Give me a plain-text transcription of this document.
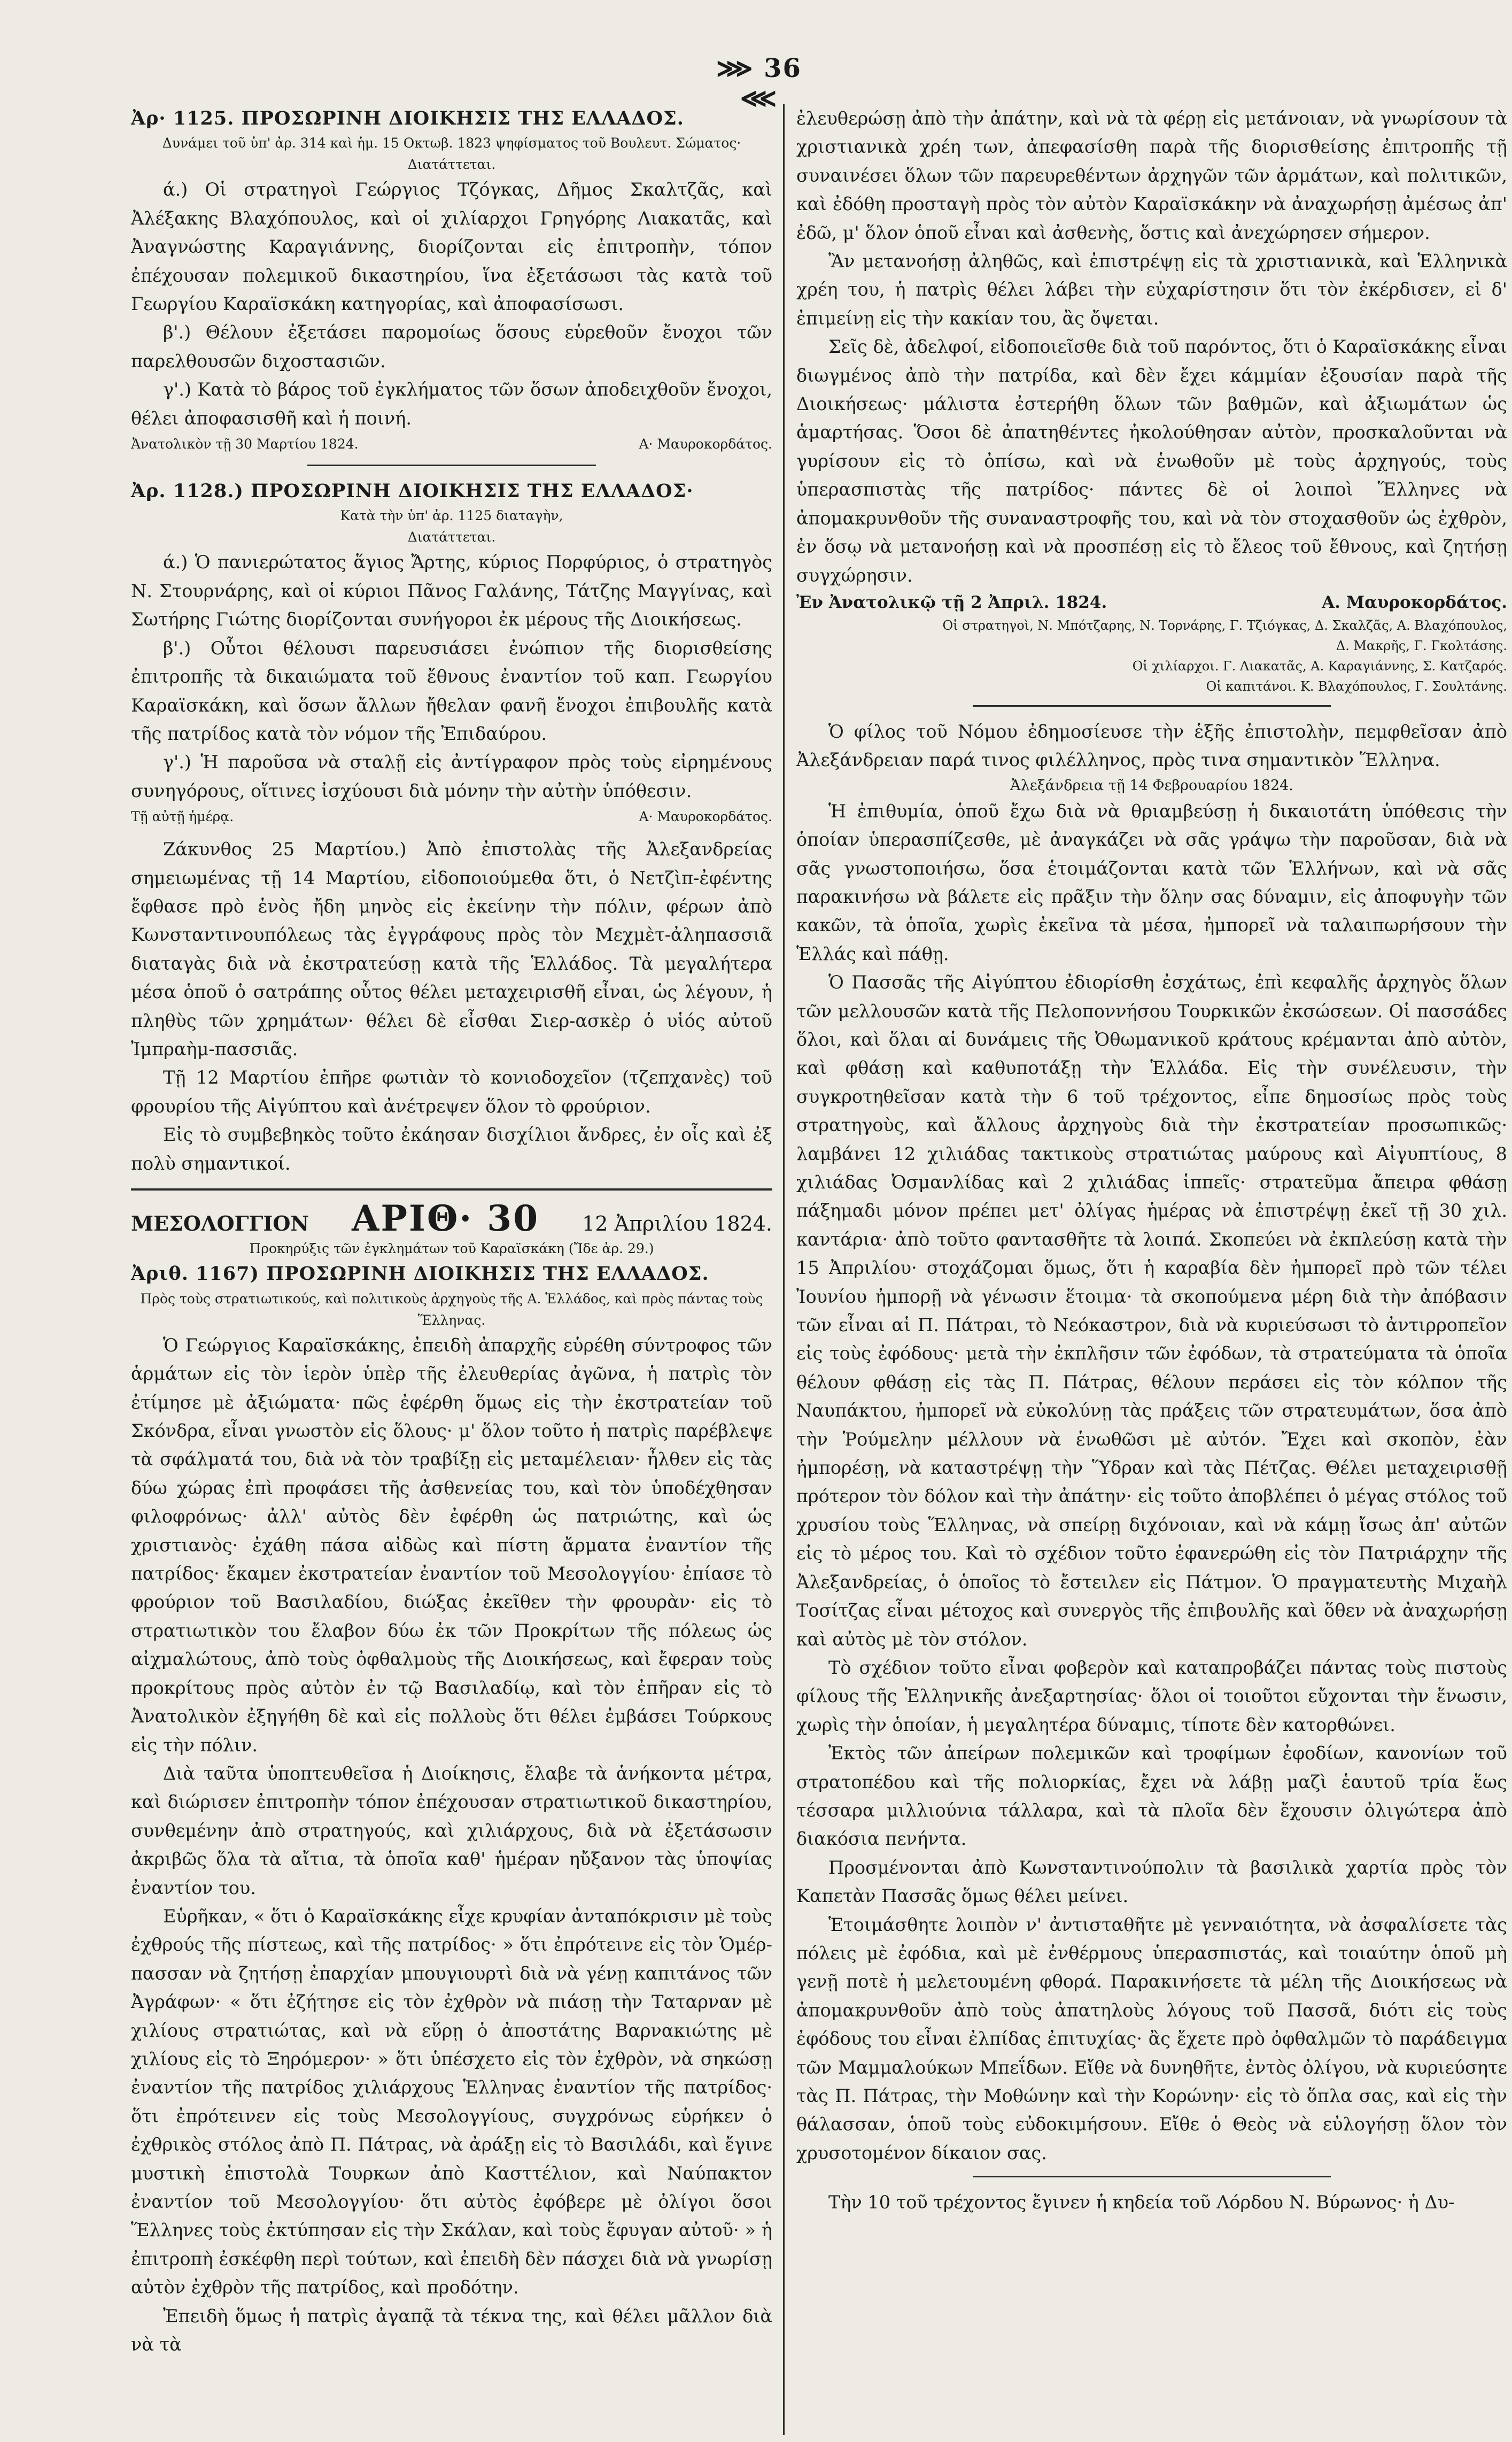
⋙ 36 ⋘
Ἀρ· 1125. ΠΡΟΣΩΡΙΝΗ ΔΙΟΙΚΗΣΙΣ ΤΗΣ ΕΛΛΑΔΟΣ.
Δυνάμει τοῦ ὑπ' ἀρ. 314 καὶ ἡμ. 15 Οκτωβ. 1823 ψηφίσματος τοῦ Βουλευτ. Σώματος·
Διατάττεται.

ά.) Οἱ στρατηγοὶ Γεώργιος Τζόγκας, Δῆμος Σκαλτζᾶς, καὶ Ἀλέξακης Βλαχόπουλος, καὶ οἱ χιλίαρχοι Γρηγόρης Λιακατᾶς, καὶ Ἀναγνώστης Καραγιάννης, διορίζονται εἰς ἐπιτροπὴν, τόπον ἐπέχουσαν πολεμικοῦ δικαστηρίου, ἵνα ἐξετάσωσι τὰς κατὰ τοῦ Γεωργίου Καραϊσκάκη κατηγορίας, καὶ ἀποφασίσωσι.

β'.) Θέλουν ἐξετάσει παρομοίως ὅσους εὑρεθοῦν ἔνοχοι τῶν παρελθουσῶν διχοστασιῶν.

γ'.) Κατὰ τὸ βάρος τοῦ ἐγκλήματος τῶν ὅσων ἀποδειχθοῦν ἔνοχοι, θέλει ἀποφασισθῆ καὶ ἡ ποινή.

Ἀνατολικὸν τῇ 30 Μαρτίου 1824.	Α· Μαυροκορδάτος.
Ἀρ. 1128.) ΠΡΟΣΩΡΙΝΗ ΔΙΟΙΚΗΣΙΣ ΤΗΣ ΕΛΛΑΔΟΣ·
Κατὰ τὴν ὑπ' ἀρ. 1125 διαταγὴν,
Διατάττεται.

ά.) Ὁ πανιερώτατος ἅγιος Ἄρτης, κύριος Πορφύριος, ὁ στρατηγὸς Ν. Στουρνάρης, καὶ οἱ κύριοι Πᾶνος Γαλάνης, Τάτζης Μαγγίνας, καὶ Σωτήρης Γιώτης διορίζονται συνήγοροι ἐκ μέρους τῆς Διοικήσεως.

β'.) Οὗτοι θέλουσι παρευσιάσει ἐνώπιον τῆς διορισθείσης ἐπιτροπῆς τὰ δικαιώματα τοῦ ἔθνους ἐναντίον τοῦ καπ. Γεωργίου Καραϊσκάκη, καὶ ὅσων ἄλλων ἤθελαν φανῆ ἔνοχοι ἐπιβουλῆς κατὰ τῆς πατρίδος κατὰ τὸν νόμον τῆς Ἐπιδαύρου.

γ'.) Ἡ παροῦσα νὰ σταλῇ εἰς ἀντίγραφον πρὸς τοὺς εἰρημένους συνηγόρους, οἵτινες ἰσχύουσι διὰ μόνην τὴν αὐτὴν ὑπόθεσιν.

Τῇ αὐτῇ ἡμέρᾳ.	Α· Μαυροκορδάτος.

Ζάκυνθος 25 Μαρτίου.) Ἀπὸ ἐπιστολὰς τῆς Ἀλεξανδρείας σημειωμένας τῇ 14 Μαρτίου, εἰδοποιούμεθα ὅτι, ὁ Νετζὶπ-ἐφέντης ἔφθασε πρὸ ἑνὸς ἤδη μηνὸς εἰς ἐκείνην τὴν πόλιν, φέρων ἀπὸ Κωνσταντινουπόλεως τὰς ἐγγράφους πρὸς τὸν Μεχμὲτ-ἀληπασσιᾶ διαταγὰς διὰ νὰ ἐκστρατεύσῃ κατὰ τῆς Ἑλλάδος. Τὰ μεγαλήτερα μέσα ὁποῦ ὁ σατράπης οὗτος θέλει μεταχειρισθῆ εἶναι, ὡς λέγουν, ἡ πληθὺς τῶν χρημάτων· θέλει δὲ εἶσθαι Σιερ-ασκὲρ ὁ υἱός αὐτοῦ Ἰμπραὴμ-πασσιᾶς.

Τῇ 12 Μαρτίου ἐπῆρε φωτιὰν τὸ κονιοδοχεῖον (τζεπχανὲς) τοῦ φρουρίου τῆς Αἰγύπτου καὶ ἀνέτρεψεν ὅλον τὸ φρούριον.

Εἰς τὸ συμβεβηκὸς τοῦτο ἐκάησαν δισχίλιοι ἄνδρες, ἐν οἷς καὶ ἐξ πολὺ σημαντικοί.

ΜΕΣΟΛΟΓΓΙΟΝ ΑΡΙΘ· 30 12 Ἀπριλίου 1824.
Προκηρύξις τῶν ἐγκλημάτων τοῦ Καραϊσκάκη (Ἴδε ἀρ. 29.)
Ἀριθ. 1167) ΠΡΟΣΩΡΙΝΗ ΔΙΟΙΚΗΣΙΣ ΤΗΣ ΕΛΛΑΔΟΣ.
Πρὸς τοὺς στρατιωτικούς, καὶ πολιτικοὺς ἀρχηγοὺς τῆς Α. Ἑλλάδος, καὶ πρὸς πάντας τοὺς Ἕλληνας.

Ὁ Γεώργιος Καραϊσκάκης, ἐπειδὴ ἀπαρχῆς εὑρέθη σύντροφος τῶν ἁρμάτων εἰς τὸν ἱερὸν ὑπὲρ τῆς ἐλευθερίας ἀγῶνα, ἡ πατρὶς τὸν ἐτίμησε μὲ ἀξιώματα· πῶς ἐφέρθη ὅμως εἰς τὴν ἐκστρατείαν τοῦ Σκόνδρα, εἶναι γνωστὸν εἰς ὅλους· μ' ὅλον τοῦτο ἡ πατρὶς παρέβλεψε τὰ σφάλματά του, διὰ νὰ τὸν τραβίξῃ εἰς μεταμέλειαν· ἦλθεν εἰς τὰς δύω χώρας ἐπὶ προφάσει τῆς ἀσθενείας του, καὶ τὸν ὑποδέχθησαν φιλοφρόνως· ἀλλ' αὐτὸς δὲν ἐφέρθη ὡς πατριώτης, καὶ ὡς χριστιανὸς· ἐχάθη πάσα αἰδὼς καὶ πίστη ἄρματα ἐναντίον τῆς πατρίδος· ἔκαμεν ἐκστρατείαν ἐναντίον τοῦ Μεσολογγίου· ἐπίασε τὸ φρούριον τοῦ Βασιλαδίου, διώξας ἐκεῖθεν τὴν φρουρὰν· εἰς τὸ στρατιωτικὸν του ἔλαβον δύω ἐκ τῶν Προκρίτων τῆς πόλεως ὡς αἰχμαλώτους, ἀπὸ τοὺς ὀφθαλμοὺς τῆς Διοικήσεως, καὶ ἔφεραν τοὺς προκρίτους πρὸς αὐτὸν ἐν τῷ Βασιλαδίῳ, καὶ τὸν ἐπῆραν εἰς τὸ Ἀνατολικὸν ἐξηγήθη δὲ καὶ εἰς πολλοὺς ὅτι θέλει ἐμβάσει Τούρκους εἰς τὴν πόλιν.

Διὰ ταῦτα ὑποπτευθεῖσα ἡ Διοίκησις, ἔλαβε τὰ ἁνήκοντα μέτρα, καὶ διώρισεν ἐπιτροπὴν τόπον ἐπέχουσαν στρατιωτικοῦ δικαστηρίου, συνθεμένην ἀπὸ στρατηγούς, καὶ χιλιάρχους, διὰ νὰ ἐξετάσωσιν ἀκριβῶς ὅλα τὰ αἴτια, τὰ ὁποῖα καθ' ἡμέραν ηὔξανον τὰς ὑποψίας ἐναντίον του.

Εὑρῆκαν, « ὅτι ὁ Καραϊσκάκης εἶχε κρυφίαν ἀνταπόκρισιν μὲ τοὺς ἐχθρούς τῆς πίστεως, καὶ τῆς πατρίδος· » ὅτι ἐπρότεινε εἰς τὸν Ὁμέρ-πασσαν νὰ ζητήσῃ ἐπαρχίαν μπουγιουρτὶ διὰ νὰ γένῃ καπιτάνος τῶν Ἀγράφων· « ὅτι ἐζήτησε εἰς τὸν ἐχθρὸν νὰ πιάσῃ τὴν Ταταρναν μὲ χιλίους στρατιώτας, καὶ νὰ εὕρῃ ὁ ἀποστάτης Βαρνακιώτης μὲ χιλίους εἰς τὸ Ξηρόμερον· » ὅτι ὑπέσχετο εἰς τὸν ἐχθρὸν, νὰ σηκώσῃ ἐναντίον τῆς πατρίδος χιλιάρχους Ἑλληνας ἐναντίον τῆς πατρίδος· ὅτι ἐπρότεινεν εἰς τοὺς Μεσολογγίους, συγχρόνως εὑρήκεν ὁ ἐχθρικὸς στόλος ἀπὸ Π. Πάτρας, νὰ ἀράξῃ εἰς τὸ Βασιλάδι, καὶ ἔγινε μυστικὴ ἐπιστολὰ Τουρκων ἀπὸ Κασττέλιον, καὶ Ναύπακτον ἐναντίον τοῦ Μεσολογγίου· ὅτι αὐτὸς ἐφόβερε μὲ ὀλίγοι ὅσοι Ἕλληνες τοὺς ἐκτύπησαν εἰς τὴν Σκάλαν, καὶ τοὺς ἔφυγαν αὐτοῦ· » ἡ ἐπιτροπὴ ἐσκέφθη περὶ τούτων, καὶ ἐπειδὴ δὲν πάσχει διὰ νὰ γνωρίσῃ αὐτὸν ἐχθρὸν τῆς πατρίδος, καὶ προδότην.

Ἐπειδὴ ὅμως ἡ πατρὶς ἀγαπᾷ τὰ τέκνα της, καὶ θέλει μᾶλλον διὰ νὰ τὰ

ἐλευθερώσῃ ἀπὸ τὴν ἀπάτην, καὶ νὰ τὰ φέρῃ εἰς μετάνοιαν, νὰ γνωρίσουν τὰ χριστιανικὰ χρέη των, ἀπεφασίσθη παρὰ τῆς διορισθείσης ἐπιτροπῆς τῇ συναινέσει ὅλων τῶν παρευρεθέντων ἀρχηγῶν τῶν ἁρμάτων, καὶ πολιτικῶν, καὶ ἐδόθη προσταγὴ πρὸς τὸν αὐτὸν Καραϊσκάκην νὰ ἀναχωρήσῃ ἀμέσως ἀπ' ἐδῶ, μ' ὅλον ὁποῦ εἶναι καὶ ἀσθενὴς, ὅστις καὶ ἀνεχώρησεν σήμερον.

Ἂν μετανοήσῃ ἀληθῶς, καὶ ἐπιστρέψῃ εἰς τὰ χριστιανικὰ, καὶ Ἑλληνικὰ χρέη του, ἡ πατρὶς θέλει λάβει τὴν εὐχαρίστησιν ὅτι τὸν ἐκέρδισεν, εἰ δ' ἐπιμείνῃ εἰς τὴν κακίαν του, ἂς ὄψεται.

Σεῖς δὲ, ἀδελφοί, εἰδοποιεῖσθε διὰ τοῦ παρόντος, ὅτι ὁ Καραϊσκάκης εἶναι διωγμένος ἀπὸ τὴν πατρίδα, καὶ δὲν ἔχει κάμμίαν ἐξουσίαν παρὰ τῆς Διοικήσεως· μάλιστα ἐστερήθη ὅλων τῶν βαθμῶν, καὶ ἀξιωμάτων ὡς ἁμαρτήσας. Ὅσοι δὲ ἀπατηθέντες ἠκολούθησαν αὐτὸν, προσκαλοῦνται νὰ γυρίσουν εἰς τὸ ὀπίσω, καὶ νὰ ἑνωθοῦν μὲ τοὺς ἀρχηγούς, τοὺς ὑπερασπιστὰς τῆς πατρίδος· πάντες δὲ οἱ λοιποὶ Ἕλληνες νὰ ἀπομακρυνθοῦν τῆς συναναστροφῆς του, καὶ νὰ τὸν στοχασθοῦν ὡς ἐχθρὸν, ἐν ὅσῳ νὰ μετανοήσῃ καὶ νὰ προσπέσῃ εἰς τὸ ἔλεος τοῦ ἔθνους, καὶ ζητήσῃ συγχώρησιν.

Ἐν Ἀνατολικῷ τῇ 2 Ἀπριλ. 1824.	Α. Μαυροκορδάτος.
Οἱ στρατηγοὶ, Ν. Μπότζαρης, Ν. Τορνάρης, Γ. Τζιόγκας, Δ. Σκαλζᾶς, Α. Βλαχόπουλος,
Δ. Μακρῆς, Γ. Γκολτάσης.
Οἱ χιλίαρχοι. Γ. Λιακατᾶς, Α. Καραγιάννης, Σ. Κατζαρός.
Οἱ καπιτάνοι. Κ. Βλαχόπουλος, Γ. Σουλτάνης.

Ὁ φίλος τοῦ Νόμου ἐδημοσίευσε τὴν ἑξῆς ἐπιστολὴν, πεμφθεῖσαν ἀπὸ Ἀλεξάνδρειαν παρά τινος φιλέλληνος, πρὸς τινα σημαντικὸν Ἕλληνα.

Ἀλεξάνδρεια τῇ 14 Φεβρουαρίου 1824.

Ἡ ἐπιθυμία, ὁποῦ ἔχω διὰ νὰ θριαμβεύσῃ ἡ δικαιοτάτη ὑπόθεσις τὴν ὁποίαν ὑπερασπίζεσθε, μὲ ἀναγκάζει νὰ σᾶς γράψω τὴν παροῦσαν, διὰ νὰ σᾶς γνωστοποιήσω, ὅσα ἑτοιμάζονται κατὰ τῶν Ἑλλήνων, καὶ νὰ σᾶς παρακινήσω νὰ βάλετε εἰς πρᾶξιν τὴν ὅλην σας δύναμιν, εἰς ἀποφυγὴν τῶν κακῶν, τὰ ὁποῖα, χωρὶς ἐκεῖνα τὰ μέσα, ἠμπορεῖ νὰ ταλαιπωρήσουν τὴν Ἑλλάς καὶ πάθῃ.

Ὁ Πασσᾶς τῆς Αἰγύπτου ἐδιορίσθη ἐσχάτως, ἐπὶ κεφαλῆς ἀρχηγὸς ὅλων τῶν μελλουσῶν κατὰ τῆς Πελοποννήσου Τουρκικῶν ἐκσώσεων. Οἱ πασσάδες ὅλοι, καὶ ὅλαι αἱ δυνάμεις τῆς Ὀθωμανικοῦ κράτους κρέμανται ἀπὸ αὐτὸν, καὶ φθάσῃ καὶ καθυποτάξῃ τὴν Ἑλλάδα. Εἰς τὴν συνέλευσιν, τὴν συγκροτηθεῖσαν κατὰ τὴν 6 τοῦ τρέχοντος, εἶπε δημοσίως πρὸς τοὺς στρατηγοὺς, καὶ ἄλλους ἀρχηγοὺς διὰ τὴν ἐκστρατείαν προσωπικῶς· λαμβάνει 12 χιλιάδας τακτικοὺς στρατιώτας μαύρους καὶ Αἰγυπτίους, 8 χιλιάδας Ὀσμανλίδας καὶ 2 χιλιάδας ἱππεῖς· στρατεῦμα ἄπειρα φθάσῃ πάξημαδι μόνον πρέπει μετ' ὀλίγας ἡμέρας νὰ ἐπιστρέψῃ ἐκεῖ τῇ 30 χιλ. καντάρια· ἀπὸ τοῦτο φαντασθῆτε τὰ λοιπά. Σκοπεύει νὰ ἐκπλεύσῃ κατὰ τὴν 15 Ἀπριλίου· στοχάζομαι ὅμως, ὅτι ἡ καραβία δὲν ἠμπορεῖ πρὸ τῶν τέλει Ἰουνίου ἠμπορῇ νὰ γένωσιν ἕτοιμα· τὰ σκοπούμενα μέρη διὰ τὴν ἀπόβασιν τῶν εἶναι αἱ Π. Πάτραι, τὸ Νεόκαστρον, διὰ νὰ κυριεύσωσι τὸ ἀντιρροπεῖον εἰς τοὺς ἐφόδους· μετὰ τὴν ἐκπλῆσιν τῶν ἐφόδων, τὰ στρατεύματα τὰ ὁποῖα θέλουν φθάσῃ εἰς τὰς Π. Πάτρας, θέλουν περάσει εἰς τὸν κόλπον τῆς Ναυπάκτου, ἠμπορεῖ νὰ εὐκολύνῃ τὰς πράξεις τῶν στρατευμάτων, ὅσα ἀπὸ τὴν Ῥούμελην μέλλουν νὰ ἑνωθῶσι μὲ αὐτόν. Ἔχει καὶ σκοπὸν, ἐὰν ἠμπορέσῃ, νὰ καταστρέψῃ τὴν Ὕδραν καὶ τὰς Πέτζας. Θέλει μεταχειρισθῇ πρότερον τὸν δόλον καὶ τὴν ἀπάτην· εἰς τοῦτο ἀποβλέπει ὁ μέγας στόλος τοῦ χρυσίου τοὺς Ἕλληνας, νὰ σπείρῃ διχόνοιαν, καὶ νὰ κάμῃ ἴσως ἀπ' αὐτῶν εἰς τὸ μέρος του. Καὶ τὸ σχέδιον τοῦτο ἐφανερώθη εἰς τὸν Πατριάρχην τῆς Ἀλεξανδρείας, ὁ ὁποῖος τὸ ἔστειλεν εἰς Πάτμον. Ὁ πραγματευτὴς Μιχαὴλ Τοσίτζας εἶναι μέτοχος καὶ συνεργὸς τῆς ἐπιβουλῆς καὶ ὅθεν νὰ ἀναχωρήσῃ καὶ αὐτὸς μὲ τὸν στόλον.

Τὸ σχέδιον τοῦτο εἶναι φοβερὸν καὶ καταπροβάζει πάντας τοὺς πιστοὺς φίλους τῆς Ἑλληνικῆς ἀνεξαρτησίας· ὅλοι οἱ τοιοῦτοι εὔχονται τὴν ἕνωσιν, χωρὶς τὴν ὁποίαν, ἡ μεγαλητέρα δύναμις, τίποτε δὲν κατορθώνει.

Ἐκτὸς τῶν ἀπείρων πολεμικῶν καὶ τροφίμων ἐφοδίων, κανονίων τοῦ στρατοπέδου καὶ τῆς πολιορκίας, ἔχει νὰ λάβῃ μαζὶ ἑαυτοῦ τρία ἕως τέσσαρα μιλλιούνια τάλλαρα, καὶ τὰ πλοῖα δὲν ἔχουσιν ὀλιγώτερα ἀπὸ διακόσια πενήντα.

Προσμένονται ἀπὸ Κωνσταντινούπολιν τὰ βασιλικὰ χαρτία πρὸς τὸν Καπετὰν Πασσᾶς ὅμως θέλει μείνει.

Ἑτοιμάσθητε λοιπὸν ν' ἀντισταθῆτε μὲ γενναιότητα, νὰ ἀσφαλίσετε τὰς πόλεις μὲ ἐφόδια, καὶ μὲ ἐνθέρμους ὑπερασπιστάς, καὶ τοιαύτην ὁποῦ μὴ γενῇ ποτὲ ἡ μελετουμένη φθορά. Παρακινήσετε τὰ μέλη τῆς Διοικήσεως νὰ ἀπομακρυνθοῦν ἀπὸ τοὺς ἀπατηλοὺς λόγους τοῦ Πασσᾶ, διότι εἰς τοὺς ἐφόδους του εἶναι ἐλπίδας ἐπιτυχίας· ἂς ἔχετε πρὸ ὀφθαλμῶν τὸ παράδειγμα τῶν Μαμμαλούκων Μπεΐδων. Εἴθε νὰ δυνηθῆτε, ἐντὸς ὀλίγου, νὰ κυριεύσητε τὰς Π. Πάτρας, τὴν Μοθώνην καὶ τὴν Κορώνην· εἰς τὸ ὅπλα σας, καὶ εἰς τὴν θάλασσαν, ὁποῦ τοὺς εὐδοκιμήσουν. Εἴθε ὁ Θεὸς νὰ εὐλογήσῃ ὅλον τὸν χρυσοτομένον δίκαιον σας.

Τὴν 10 τοῦ τρέχοντος ἔγινεν ἡ κηδεία τοῦ Λόρδου Ν. Βύρωνος· ἡ Δυ-
